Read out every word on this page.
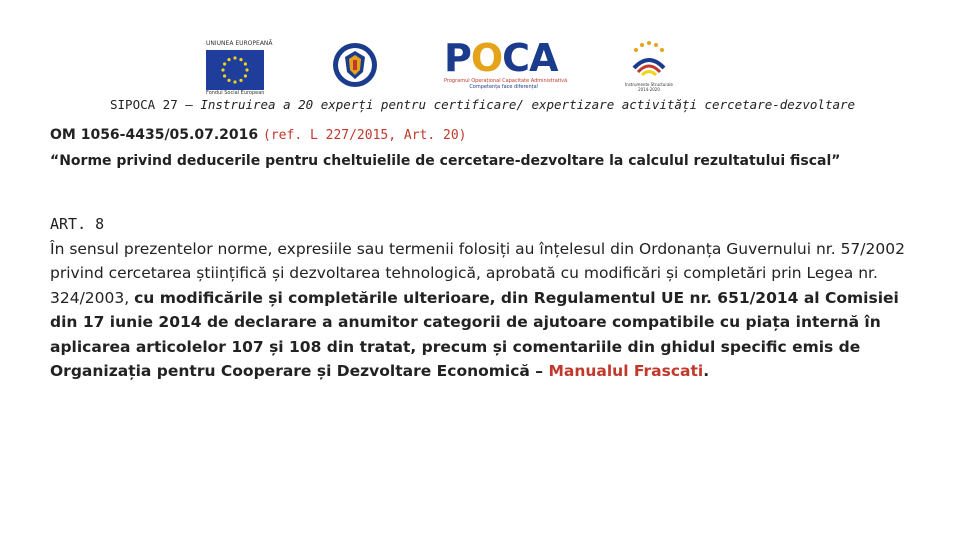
UNIUNEA EUROPEANĂ
Fondul Social European
P O C A
Programul Operațional Capacitate Administrativă
Competența face diferența!	Instrumente Structurale
2014-2020
SIPOCA 27 – Instruirea a 20 experți pentru certificare/ expertizare activități cercetare-dezvoltare
OM 1056-4435/05.07.2016 (ref. L 227/2015, Art. 20)
“Norme privind deducerile pentru cheltuielile de cercetare-dezvoltare la calculul rezultatului fiscal”
ART. 8
În sensul prezentelor norme, expresiile sau termenii folosiți au înțelesul din Ordonanța Guvernului nr. 57/2002 privind cercetarea științifică și dezvoltarea tehnologică, aprobată cu modificări și completări prin Legea nr. 324/2003, cu modificările și completările ulterioare, din Regulamentul UE nr. 651/2014 al Comisiei din 17 iunie 2014 de declarare a anumitor categorii de ajutoare compatibile cu piața internă în aplicarea articolelor 107 și 108 din tratat, precum și comentariile din ghidul specific emis de Organizația pentru Cooperare și Dezvoltare Economică – Manualul Frascati.
